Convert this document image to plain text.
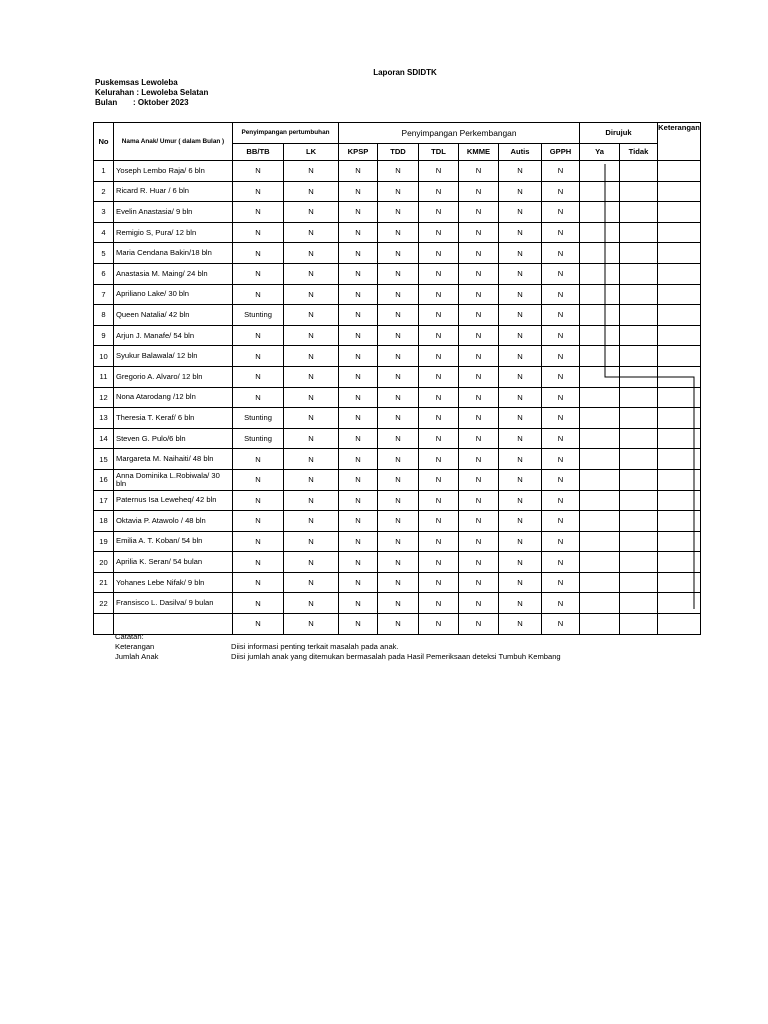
Laporan SDIDTK
Puskemsas Lewoleba
Kelurahan : Lewoleba Selatan
Bulan : Oktober 2023
No	Nama Anak/ Umur ( dalam Bulan )	Penyimpangan pertumbuhan		Penyimpangan Perkembangan						Dirujuk		Keterangan
		BB/TB	LK	KPSP	TDD	TDL	KMME	Autis	GPPH	Ya	Tidak	
1	Yoseph Lembo Raja/ 6 bln	N	N	N	N	N	N	N	N			
2	Ricard R. Huar / 6 bln	N	N	N	N	N	N	N	N			
3	Evelin Anastasia/ 9 bln	N	N	N	N	N	N	N	N			
4	Remigio S, Pura/ 12 bln	N	N	N	N	N	N	N	N			
5	Maria Cendana Bakin/18 bln	N	N	N	N	N	N	N	N			
6	Anastasia M. Maing/ 24 bln	N	N	N	N	N	N	N	N			
7	Apriliano Lake/ 30 bln	N	N	N	N	N	N	N	N			
8	Queen Natalia/ 42 bln	Stunting	N	N	N	N	N	N	N			
9	Arjun J. Manafe/ 54 bln	N	N	N	N	N	N	N	N			
10	Syukur Balawala/ 12 bln	N	N	N	N	N	N	N	N			
11	Gregorio A. Alvaro/ 12 bln	N	N	N	N	N	N	N	N			
12	Nona Atarodang /12 bln	N	N	N	N	N	N	N	N			
13	Theresia T. Keraf/ 6 bln	Stunting	N	N	N	N	N	N	N			
14	Steven G. Pulo/6 bln	Stunting	N	N	N	N	N	N	N			
15	Margareta M. Naihaiti/ 48 bln	N	N	N	N	N	N	N	N			
16	Anna Dominika L.Robiwala/ 30 bln	N	N	N	N	N	N	N	N			
17	Paternus Isa Leweheq/ 42 bln	N	N	N	N	N	N	N	N			
18	Oktavia P. Atawolo / 48 bln	N	N	N	N	N	N	N	N			
19	Emilia A. T. Koban/ 54 bln	N	N	N	N	N	N	N	N			
20	Aprilia K. Seran/ 54 bulan	N	N	N	N	N	N	N	N			
21	Yohanes Lebe Nifak/ 9 bln	N	N	N	N	N	N	N	N			
22	Fransisco L. Dasilva/ 9 bulan	N	N	N	N	N	N	N	N			
		N	N	N	N	N	N	N	N			
Catatan:
Keterangan	Diisi informasi penting terkait masalah pada anak.
Jumlah Anak	Diisi jumlah anak yang ditemukan bermasalah pada Hasil Pemeriksaan deteksi Tumbuh Kembang
